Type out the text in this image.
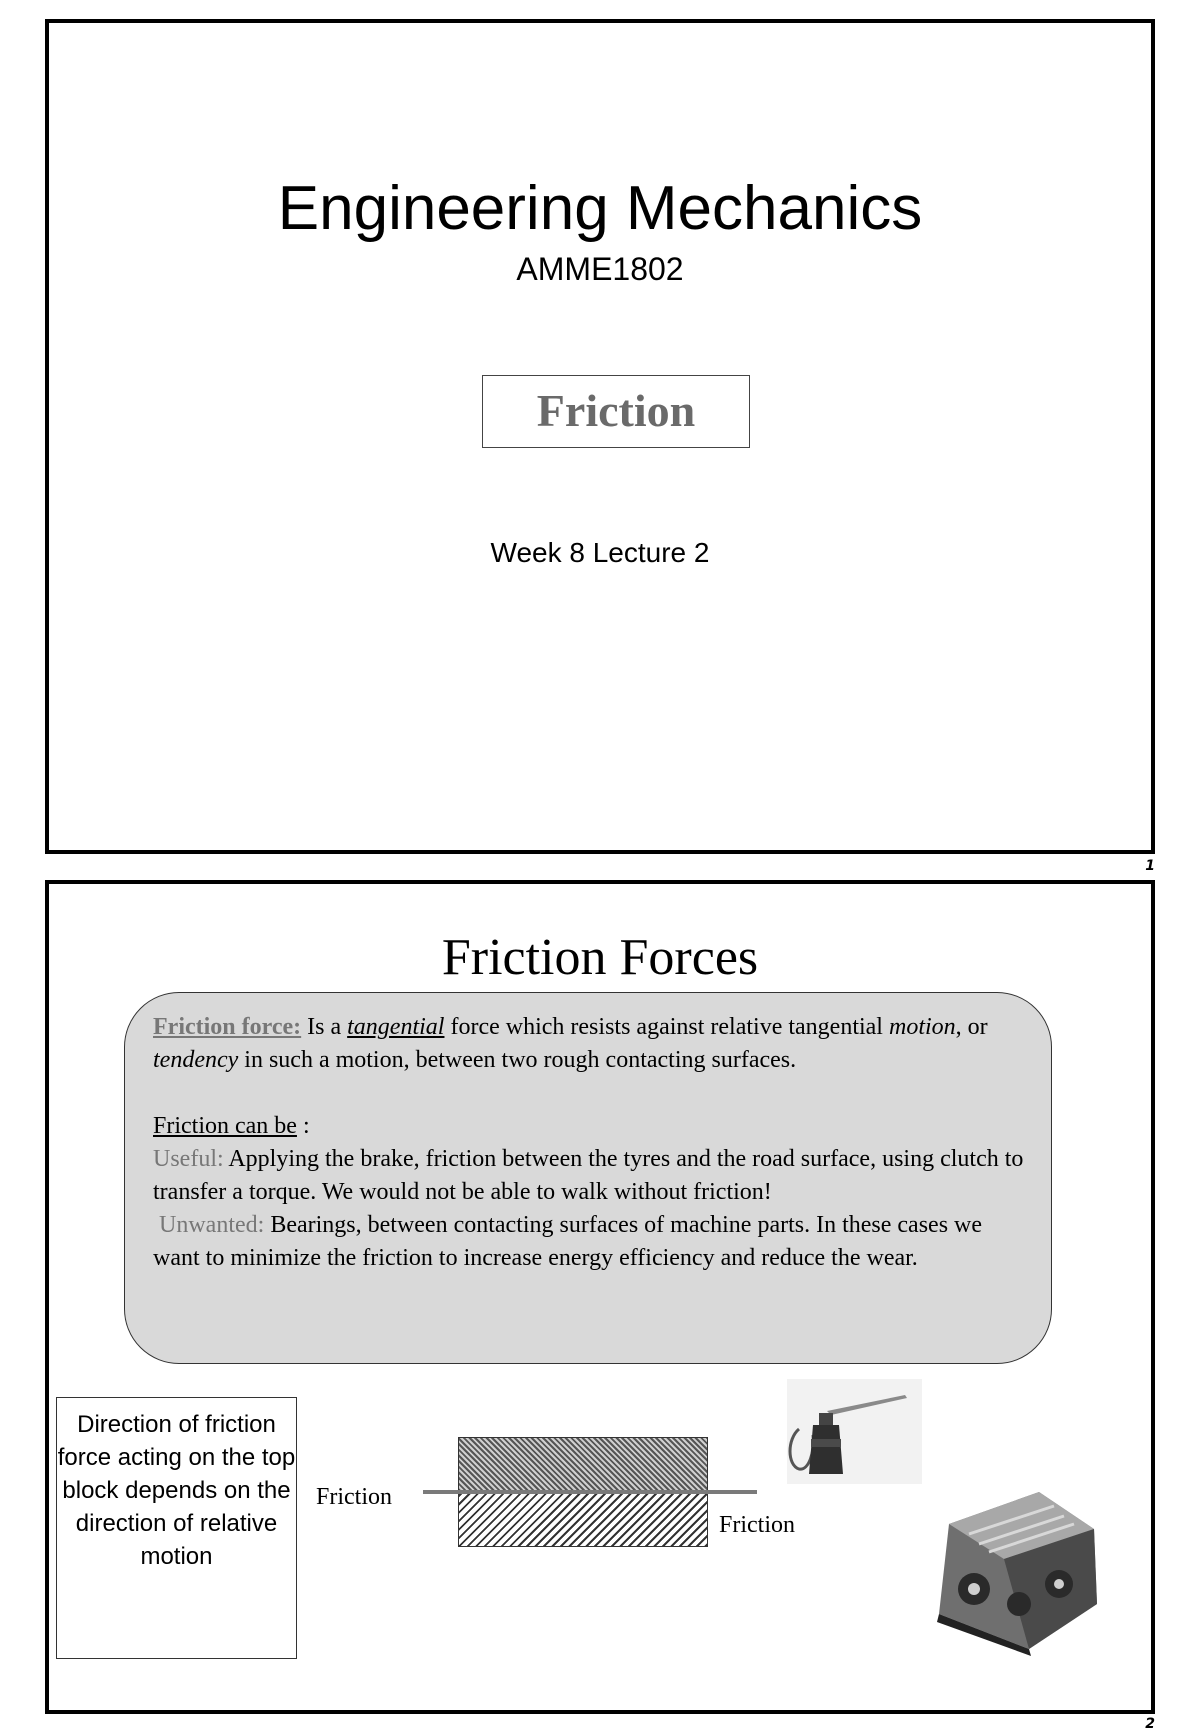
Engineering Mechanics
AMME1802
Friction
Week 8 Lecture 2
1
Friction Forces

Friction force: Is a tangential force which resists against relative tangential motion, or tendency in such a motion, between two rough contacting surfaces.

Friction can be :

Useful: Applying the brake, friction between the tyres and the road surface, using clutch to transfer a torque. We would not be able to walk without friction!

Unwanted: Bearings, between contacting surfaces of machine parts. In these cases we want to minimize the friction to increase energy efficiency and reduce the wear.

Direction of friction force acting on the top block depends on the direction of relative motion
Friction
Friction
2
